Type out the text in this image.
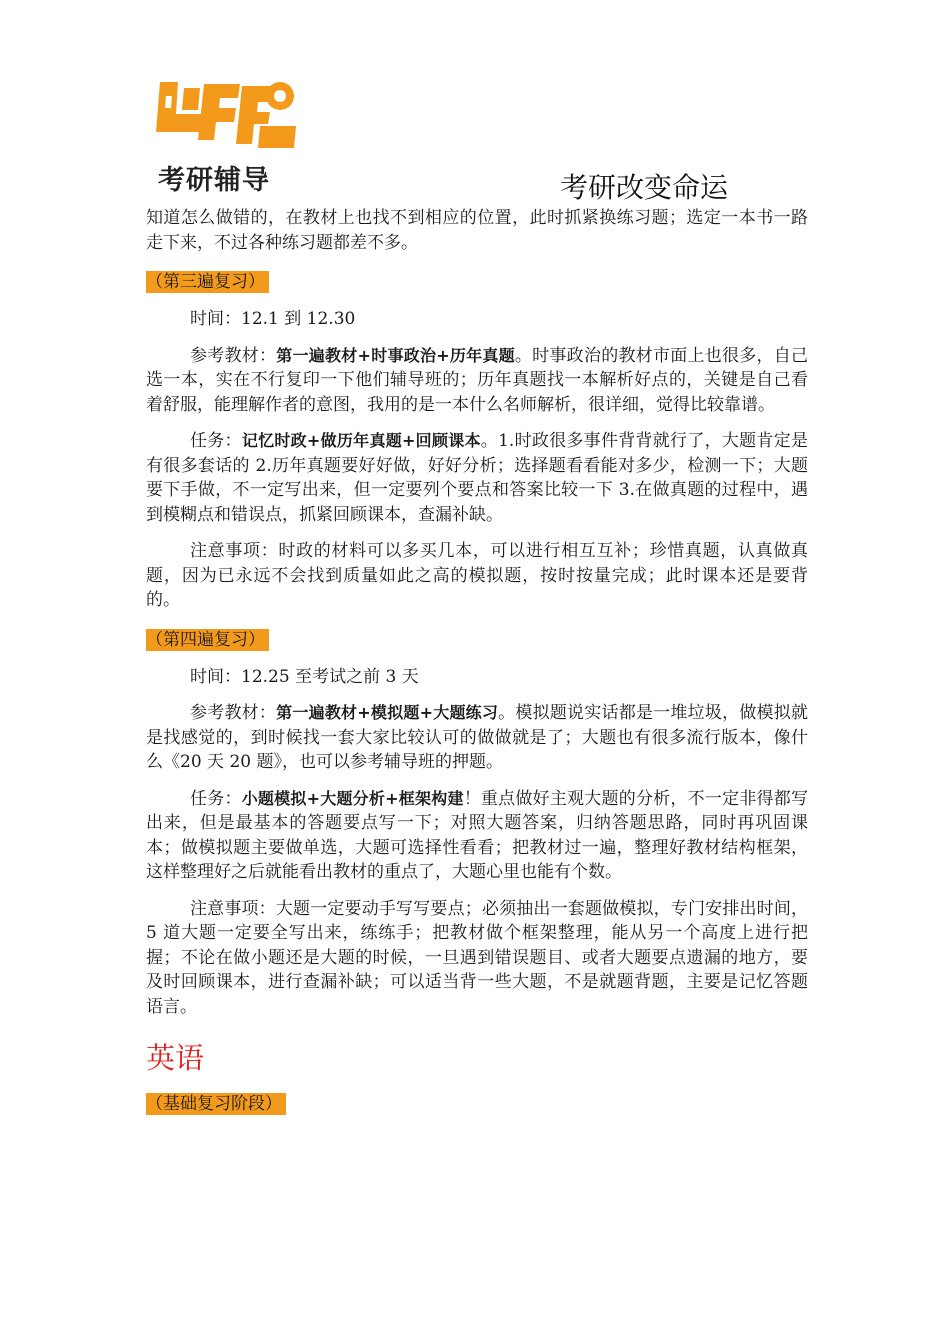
考研辅导	考研改变命运

知道怎么做错的，在教材上也找不到相应的位置，此时抓紧换练习题；选定一本书一路走下来，不过各种练习题都差不多。

（第三遍复习）

时间：12.1 到 12.30

参考教材：第一遍教材+时事政治+历年真题。时事政治的教材市面上也很多，自己选一本，实在不行复印一下他们辅导班的；历年真题找一本解析好点的，关键是自己看着舒服，能理解作者的意图，我用的是一本什么名师解析，很详细，觉得比较靠谱。

任务：记忆时政+做历年真题+回顾课本。1.时政很多事件背背就行了，大题肯定是有很多套话的 2.历年真题要好好做，好好分析；选择题看看能对多少，检测一下；大题要下手做，不一定写出来，但一定要列个要点和答案比较一下 3.在做真题的过程中，遇到模糊点和错误点，抓紧回顾课本，查漏补缺。

注意事项：时政的材料可以多买几本，可以进行相互互补；珍惜真题，认真做真题，因为已永远不会找到质量如此之高的模拟题，按时按量完成；此时课本还是要背的。

（第四遍复习）

时间：12.25 至考试之前 3 天

参考教材：第一遍教材+模拟题+大题练习。模拟题说实话都是一堆垃圾，做模拟就是找感觉的，到时候找一套大家比较认可的做做就是了；大题也有很多流行版本，像什么《20 天 20 题》，也可以参考辅导班的押题。

任务：小题模拟+大题分析+框架构建！重点做好主观大题的分析，不一定非得都写出来，但是最基本的答题要点写一下；对照大题答案，归纳答题思路，同时再巩固课本；做模拟题主要做单选，大题可选择性看看；把教材过一遍，整理好教材结构框架，这样整理好之后就能看出教材的重点了，大题心里也能有个数。

注意事项：大题一定要动手写写要点；必须抽出一套题做模拟，专门安排出时间，5 道大题一定要全写出来，练练手；把教材做个框架整理，能从另一个高度上进行把握；不论在做小题还是大题的时候，一旦遇到错误题目、或者大题要点遗漏的地方，要及时回顾课本，进行查漏补缺；可以适当背一些大题，不是就题背题，主要是记忆答题语言。

英语
（基础复习阶段）
